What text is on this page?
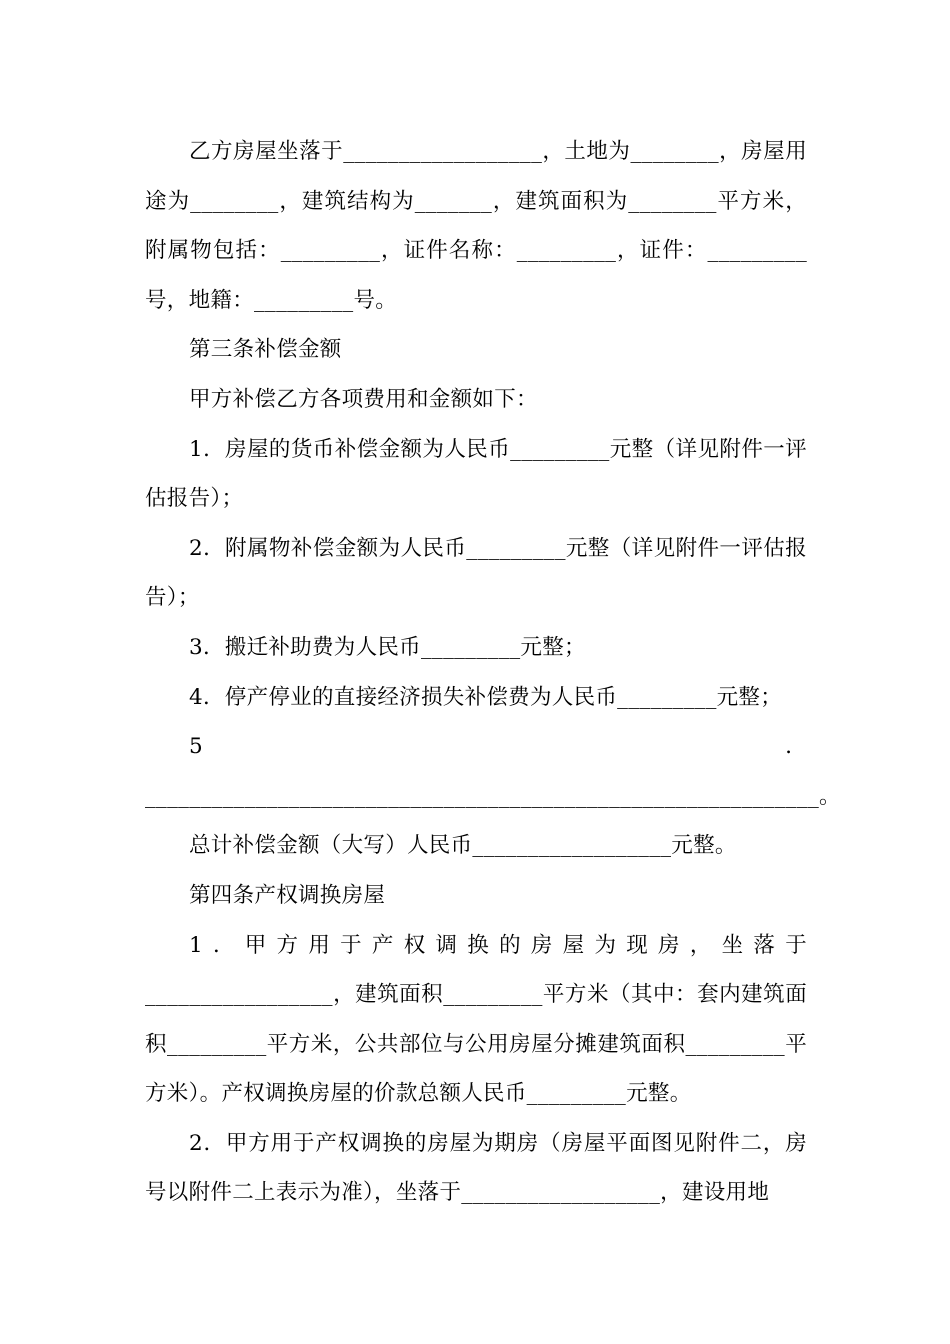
乙方房屋坐落于__________________，土地为________，房屋用途为________，建筑结构为_______，建筑面积为________平方米，附属物包括：_________，证件名称：_________，证件：_________号，地籍：_________号。

第三条补偿金额

甲方补偿乙方各项费用和金额如下：

1．房屋的货币补偿金额为人民币_________元整（详见附件一评估报告）；

2．附属物补偿金额为人民币_________元整（详见附件一评估报告）；

3．搬迁补助费为人民币_________元整；

4．停产停业的直接经济损失补偿费为人民币_________元整；

5．_____________________________________________________________。

总计补偿金额（大写）人民币__________________元整。

第四条产权调换房屋

1．甲方用于产权调换的房屋为现房，坐落于_________________，建筑面积_________平方米（其中：套内建筑面积_________平方米，公共部位与公用房屋分摊建筑面积_________平方米）。产权调换房屋的价款总额人民币_________元整。

2．甲方用于产权调换的房屋为期房（房屋平面图见附件二，房号以附件二上表示为准），坐落于__________________，建设用地
